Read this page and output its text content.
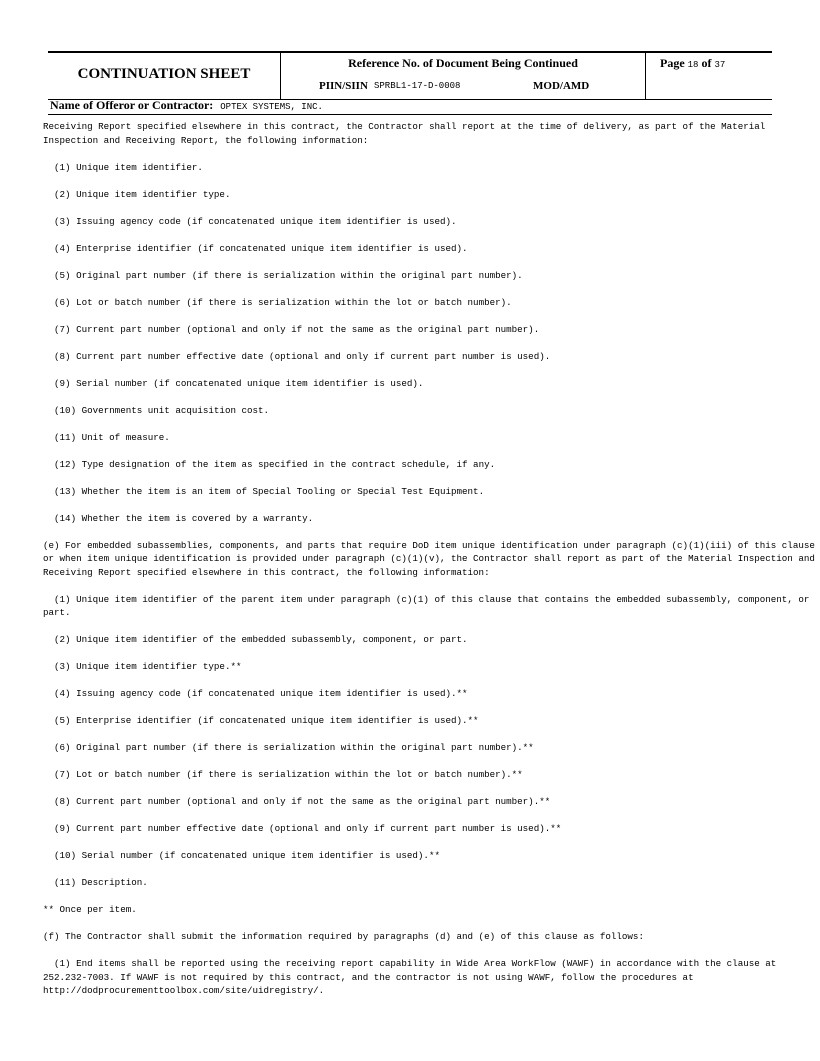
CONTINUATION SHEET
Reference No. of Document Being Continued
PIIN/SIIN SPRBL1-17-D-0008	MOD/AMD
Page 18 of 37
Name of Offeror or Contractor: OPTEX SYSTEMS, INC.

Receiving Report specified elsewhere in this contract, the Contractor shall report at the time of delivery, as part of the Material Inspection and Receiving Report, the following information:

(1) Unique item identifier.

(2) Unique item identifier type.

(3) Issuing agency code (if concatenated unique item identifier is used).

(4) Enterprise identifier (if concatenated unique item identifier is used).

(5) Original part number (if there is serialization within the original part number).

(6) Lot or batch number (if there is serialization within the lot or batch number).

(7) Current part number (optional and only if not the same as the original part number).

(8) Current part number effective date (optional and only if current part number is used).

(9) Serial number (if concatenated unique item identifier is used).

(10) Governments unit acquisition cost.

(11) Unit of measure.

(12) Type designation of the item as specified in the contract schedule, if any.

(13) Whether the item is an item of Special Tooling or Special Test Equipment.

(14) Whether the item is covered by a warranty.

(e) For embedded subassemblies, components, and parts that require DoD item unique identification under paragraph (c)(1)(iii) of this clause or when item unique identification is provided under paragraph (c)(1)(v), the Contractor shall report as part of the Material Inspection and Receiving Report specified elsewhere in this contract, the following information:

(1) Unique item identifier of the parent item under paragraph (c)(1) of this clause that contains the embedded subassembly, component, or part.

(2) Unique item identifier of the embedded subassembly, component, or part.

(3) Unique item identifier type.**

(4) Issuing agency code (if concatenated unique item identifier is used).**

(5) Enterprise identifier (if concatenated unique item identifier is used).**

(6) Original part number (if there is serialization within the original part number).**

(7) Lot or batch number (if there is serialization within the lot or batch number).**

(8) Current part number (optional and only if not the same as the original part number).**

(9) Current part number effective date (optional and only if current part number is used).**

(10) Serial number (if concatenated unique item identifier is used).**

(11) Description.

** Once per item.

(f) The Contractor shall submit the information required by paragraphs (d) and (e) of this clause as follows:

(1) End items shall be reported using the receiving report capability in Wide Area WorkFlow (WAWF) in accordance with the clause at 252.232-7003. If WAWF is not required by this contract, and the contractor is not using WAWF, follow the procedures at http://dodprocurementtoolbox.com/site/uidregistry/.
